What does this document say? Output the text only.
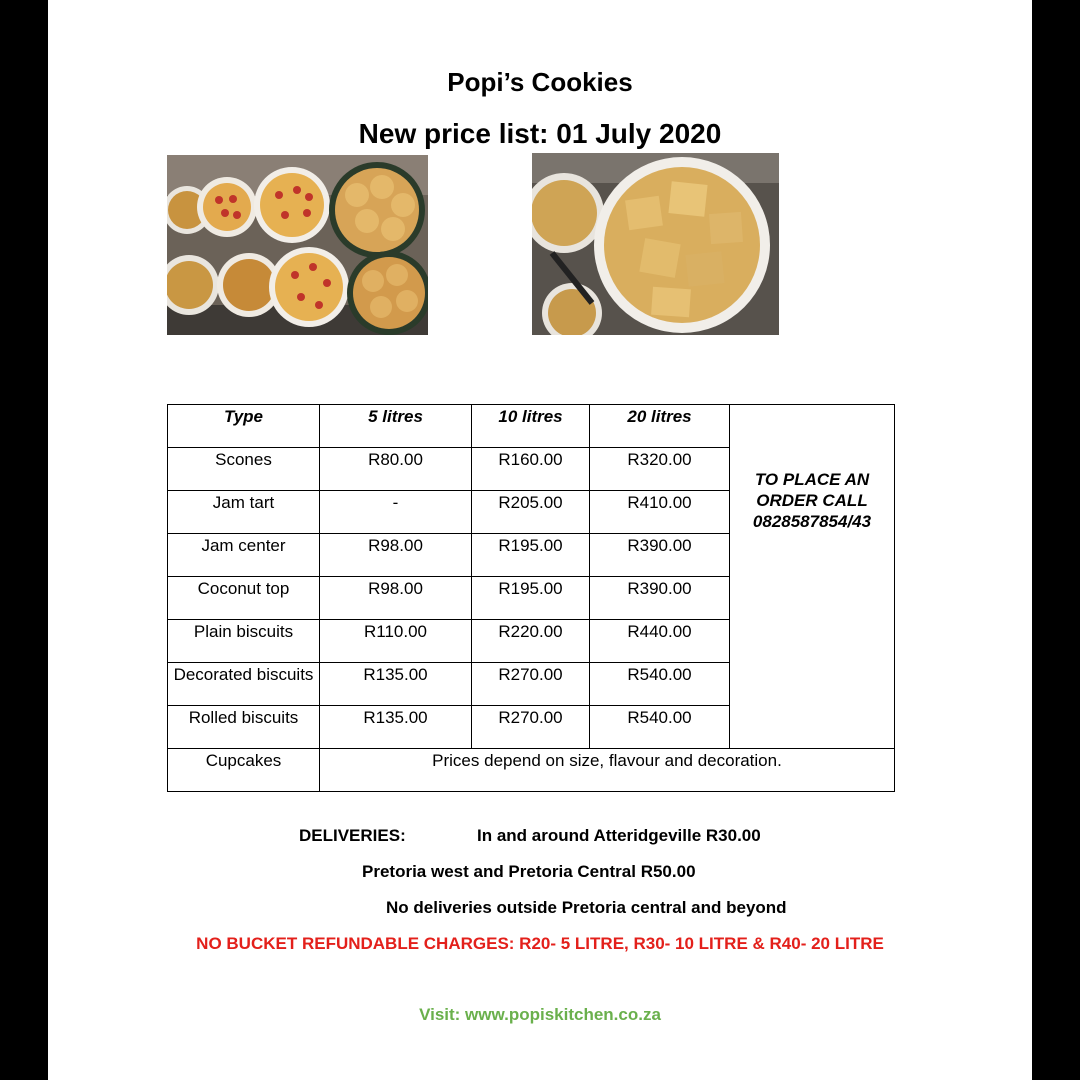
Popi’s Cookies
New price list: 01 July 2020
Type	5 litres	10 litres	20 litres	TO PLACE AN
ORDER CALL
0828587854/43

Scones	R80.00	R160.00	R320.00	
Jam tart	-	R205.00	R410.00	
Jam center	R98.00	R195.00	R390.00	
Coconut top	R98.00	R195.00	R390.00	
Plain biscuits	R110.00	R220.00	R440.00	
Decorated biscuits	R135.00	R270.00	R540.00	
Rolled biscuits	R135.00	R270.00	R540.00	
Cupcakes	Prices depend on size, flavour and decoration.			
DELIVERIES:	In and around Atteridgeville R30.00
Pretoria west and Pretoria Central R50.00
No deliveries outside Pretoria central and beyond
NO BUCKET REFUNDABLE CHARGES: R20- 5 LITRE, R30- 10 LITRE & R40- 20 LITRE
Visit: www.popiskitchen.co.za
